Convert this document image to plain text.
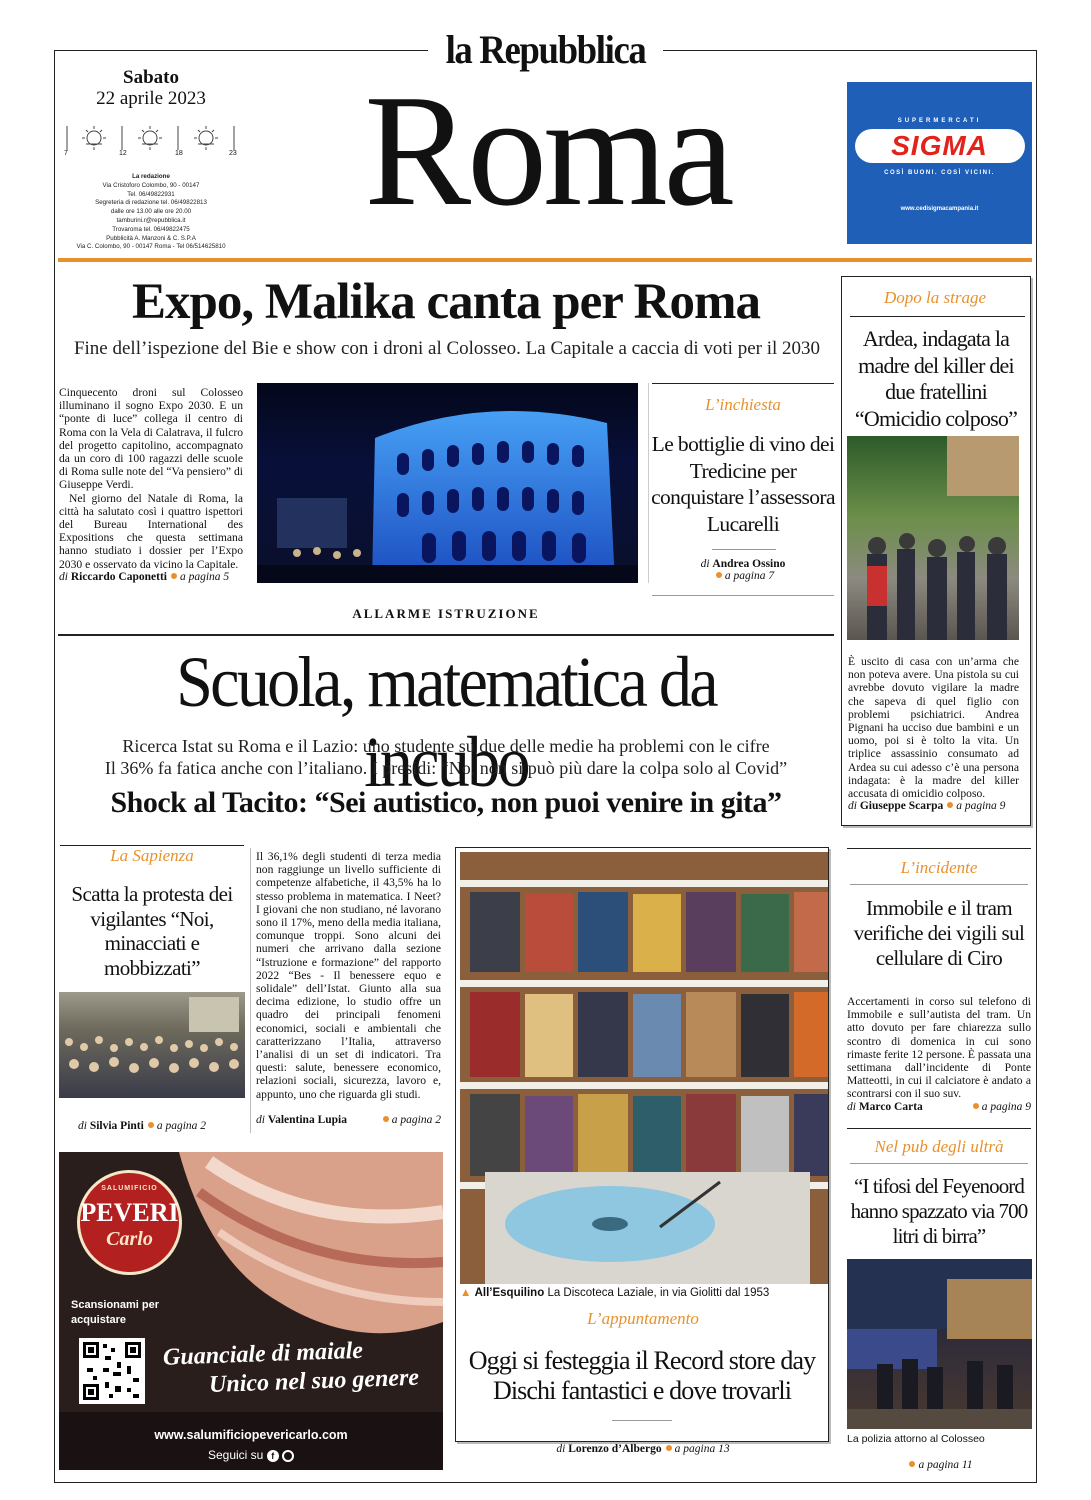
la Repubblica
Roma
Sabato
22 aprile 2023
7	12	18	23
La redazione
Via Cristoforo Colombo, 90 - 00147
Tel. 06/49822931
Segreteria di redazione tel. 06/49822813
dalle ore 13.00 alle ore 20.00
tamburini.r@repubblica.it
Trovaroma tel. 06/49822475
Pubblicità A. Manzoni & C. S.P.A
Via C. Colombo, 90 - 00147 Roma - Tel 06/514625810
SUPERMERCATI
SIGMA
COSÌ BUONI. COSÌ VICINI.
www.cedisigmacampania.it
Expo, Malika canta per Roma
Fine dell’ispezione del Bie e show con i droni al Colosseo. La Capitale a caccia di voti per il 2030
Cinquecento droni sul Colosseo illuminano il sogno Expo 2030. E un “ponte di luce” collega il centro di Roma con la Vela di Calatrava, il fulcro del progetto capitolino, accompagnato da un coro di 100 ragazzi delle scuole di Roma sulle note del “Va pensiero” di Giuseppe Verdi.

Nel giorno del Natale di Roma, la città ha salutato così i quattro ispettori del Bureau International des Expositions che questa settimana hanno studiato i dossier per l’Expo 2030 e osservato da vicino la Capitale.
di Riccardo Caponetti a pagina 5
L’inchiesta
Le bottiglie di vino dei Tredicine per conquistare l’assessora Lucarelli
di Andrea Ossino
a pagina 7
Dopo la strage
Ardea, indagata la madre del killer dei due fratellini “Omicidio colposo”
È uscito di casa con un’arma che non poteva avere. Una pistola su cui avrebbe dovuto vigilare la madre che sapeva di quel figlio con problemi psichiatrici. Andrea Pignani ha ucciso due bambini e un uomo, poi si è tolto la vita. Un triplice assassinio consumato ad Ardea su cui adesso c’è una persona indagata: è la madre del killer accusata di omicidio colposo.
di Giuseppe Scarpa a pagina 9
ALLARME ISTRUZIONE
Scuola, matematica da incubo
Ricerca Istat su Roma e il Lazio: uno studente su due delle medie ha problemi con le cifre
Il 36% fa fatica anche con l’italiano. I presidi: “No, non si può più dare la colpa solo al Covid”
Shock al Tacito: “Sei autistico, non puoi venire in gita”
La Sapienza
Scatta la protesta dei vigilantes “Noi, minacciati e mobbizzati”
di Silvia Pinti a pagina 2
Il 36,1% degli studenti di terza media non raggiunge un livello sufficiente di competenze alfabetiche, il 43,5% ha lo stesso problema in matematica. I Neet? I giovani che non studiano, né lavorano sono il 17%, meno della media italiana, comunque troppi. Sono alcuni dei numeri che arrivano dalla sezione “Istruzione e formazione” del rapporto 2022 “Bes - Il benessere equo e solidale” dell’Istat. Giunto alla sua decima edizione, lo studio offre un quadro dei principali fenomeni economici, sociali e ambientali che caratterizzano l’Italia, attraverso l’analisi di un set di indicatori. Tra questi: salute, benessere economico, relazioni sociali, sicurezza, lavoro e, appunto, uno che riguarda gli studi.
di Valentina Lupia	a pagina 2
▲ All’Esquilino La Discoteca Laziale, in via Giolitti dal 1953
L’appuntamento
Oggi si festeggia il Record store day
Dischi fantastici e dove trovarli
di Lorenzo d’Albergo a pagina 13
L’incidente
Immobile e il tram verifiche dei vigili sul cellulare di Ciro
Accertamenti in corso sul telefono di Immobile e sull’autista del tram. Un atto dovuto per fare chiarezza sullo scontro di domenica in cui sono rimaste ferite 12 persone. È passata una settimana dall’incidente di Ponte Matteotti, in cui il calciatore è andato a scontrarsi con il suo suv.
di Marco Carta	a pagina 9
Nel pub degli ultrà
“I tifosi del Feyenoord hanno spazzato via 700 litri di birra”
La polizia attorno al Colosseo
a pagina 11
SALUMIFICIO
PEVERI
Carlo
Scansionami per acquistare
Guanciale di maiale
Unico nel suo genere
www.salumificiopevericarlo.com
Seguici su f
